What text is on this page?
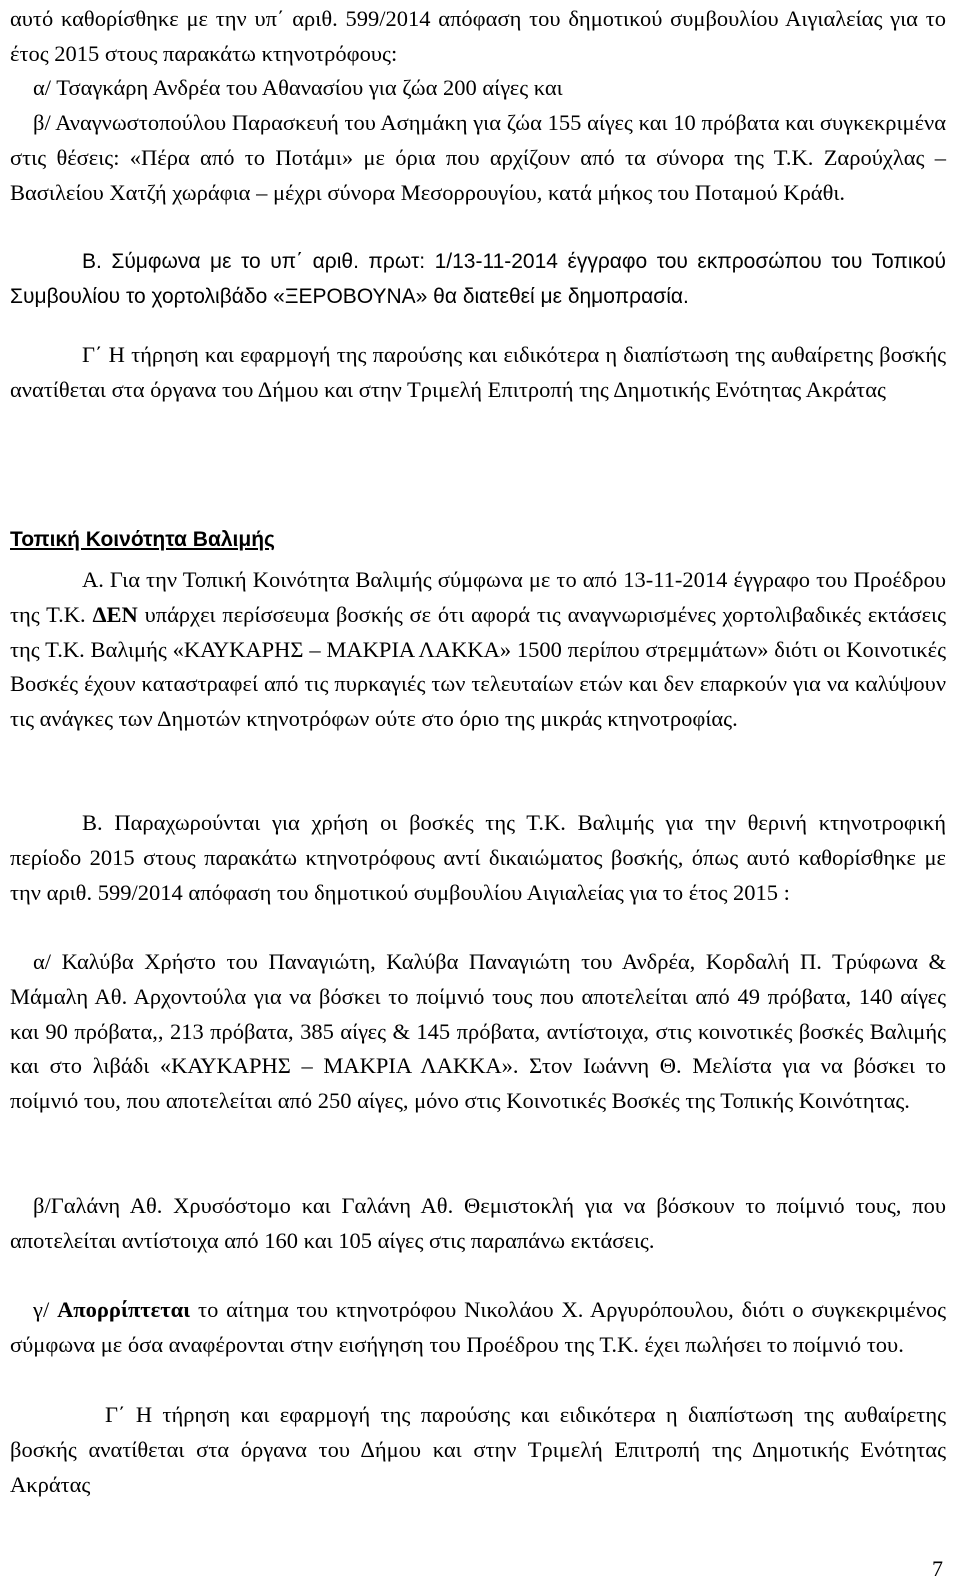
αυτό καθορίσθηκε με την υπ΄ αριθ. 599/2014 απόφαση του δημοτικού συμβουλίου Αιγιαλείας για το έτος 2015 στους παρακάτω κτηνοτρόφους:

α/ Τσαγκάρη Ανδρέα του Αθανασίου για ζώα 200 αίγες και

β/ Αναγνωστοπούλου Παρασκευή του Ασημάκη για ζώα 155 αίγες και 10 πρόβατα και συγκεκριμένα στις θέσεις: «Πέρα από το Ποτάμι» με όρια που αρχίζουν από τα σύνορα της Τ.Κ. Ζαρούχλας – Βασιλείου Χατζή χωράφια – μέχρι σύνορα Μεσορρουγίου, κατά μήκος του Ποταμού Κράθι.

Β. Σύμφωνα με το υπ΄ αριθ. πρωτ: 1/13-11-2014 έγγραφο του εκπροσώπου του Τοπικού Συμβουλίου το χορτολιβάδο «ΞΕΡΟΒΟΥΝΑ» θα διατεθεί με δημοπρασία.

Γ΄ Η τήρηση και εφαρμογή της παρούσης και ειδικότερα η διαπίστωση της αυθαίρετης βοσκής ανατίθεται στα όργανα του Δήμου και στην Τριμελή Επιτροπή της Δημοτικής Ενότητας Ακράτας

Τοπική Κοινότητα Βαλιμής

Α. Για την Τοπική Κοινότητα Βαλιμής σύμφωνα με το από 13-11-2014 έγγραφο του Προέδρου της Τ.Κ. ΔΕΝ υπάρχει περίσσευμα βοσκής σε ότι αφορά τις αναγνωρισμένες χορτολιβαδικές εκτάσεις της Τ.Κ. Βαλιμής «ΚΑΥΚΑΡΗΣ – ΜΑΚΡΙΑ ΛΑΚΚΑ» 1500 περίπου στρεμμάτων» διότι οι Κοινοτικές Βοσκές έχουν καταστραφεί από τις πυρκαγιές των τελευταίων ετών και δεν επαρκούν για να καλύψουν τις ανάγκες των Δημοτών κτηνοτρόφων ούτε στο όριο της μικράς κτηνοτροφίας.

Β. Παραχωρούνται για χρήση οι βοσκές της Τ.Κ. Βαλιμής για την θερινή κτηνοτροφική περίοδο 2015 στους παρακάτω κτηνοτρόφους αντί δικαιώματος βοσκής, όπως αυτό καθορίσθηκε με την αριθ. 599/2014 απόφαση του δημοτικού συμβουλίου Αιγιαλείας για το έτος 2015 :

α/ Καλύβα Χρήστο του Παναγιώτη, Καλύβα Παναγιώτη του Ανδρέα, Κορδαλή Π. Τρύφωνα & Μάμαλη Αθ. Αρχοντούλα για να βόσκει το ποίμνιό τους που αποτελείται από 49 πρόβατα, 140 αίγες και 90 πρόβατα,, 213 πρόβατα, 385 αίγες & 145 πρόβατα, αντίστοιχα, στις κοινοτικές βοσκές Βαλιμής και στο λιβάδι «ΚΑΥΚΑΡΗΣ – ΜΑΚΡΙΑ ΛΑΚΚΑ». Στον Ιωάννη Θ. Μελίστα για να βόσκει το ποίμνιό του, που αποτελείται από 250 αίγες, μόνο στις Κοινοτικές Βοσκές της Τοπικής Κοινότητας.

β/Γαλάνη Αθ. Χρυσόστομο και Γαλάνη Αθ. Θεμιστοκλή για να βόσκουν το ποίμνιό τους, που αποτελείται αντίστοιχα από 160 και 105 αίγες στις παραπάνω εκτάσεις.

γ/ Απορρίπτεται το αίτημα του κτηνοτρόφου Νικολάου Χ. Αργυρόπουλου, διότι ο συγκεκριμένος σύμφωνα με όσα αναφέρονται στην εισήγηση του Προέδρου της Τ.Κ. έχει πωλήσει το ποίμνιό του.

Γ΄ Η τήρηση και εφαρμογή της παρούσης και ειδικότερα η διαπίστωση της αυθαίρετης βοσκής ανατίθεται στα όργανα του Δήμου και στην Τριμελή Επιτροπή της Δημοτικής Ενότητας Ακράτας

7
